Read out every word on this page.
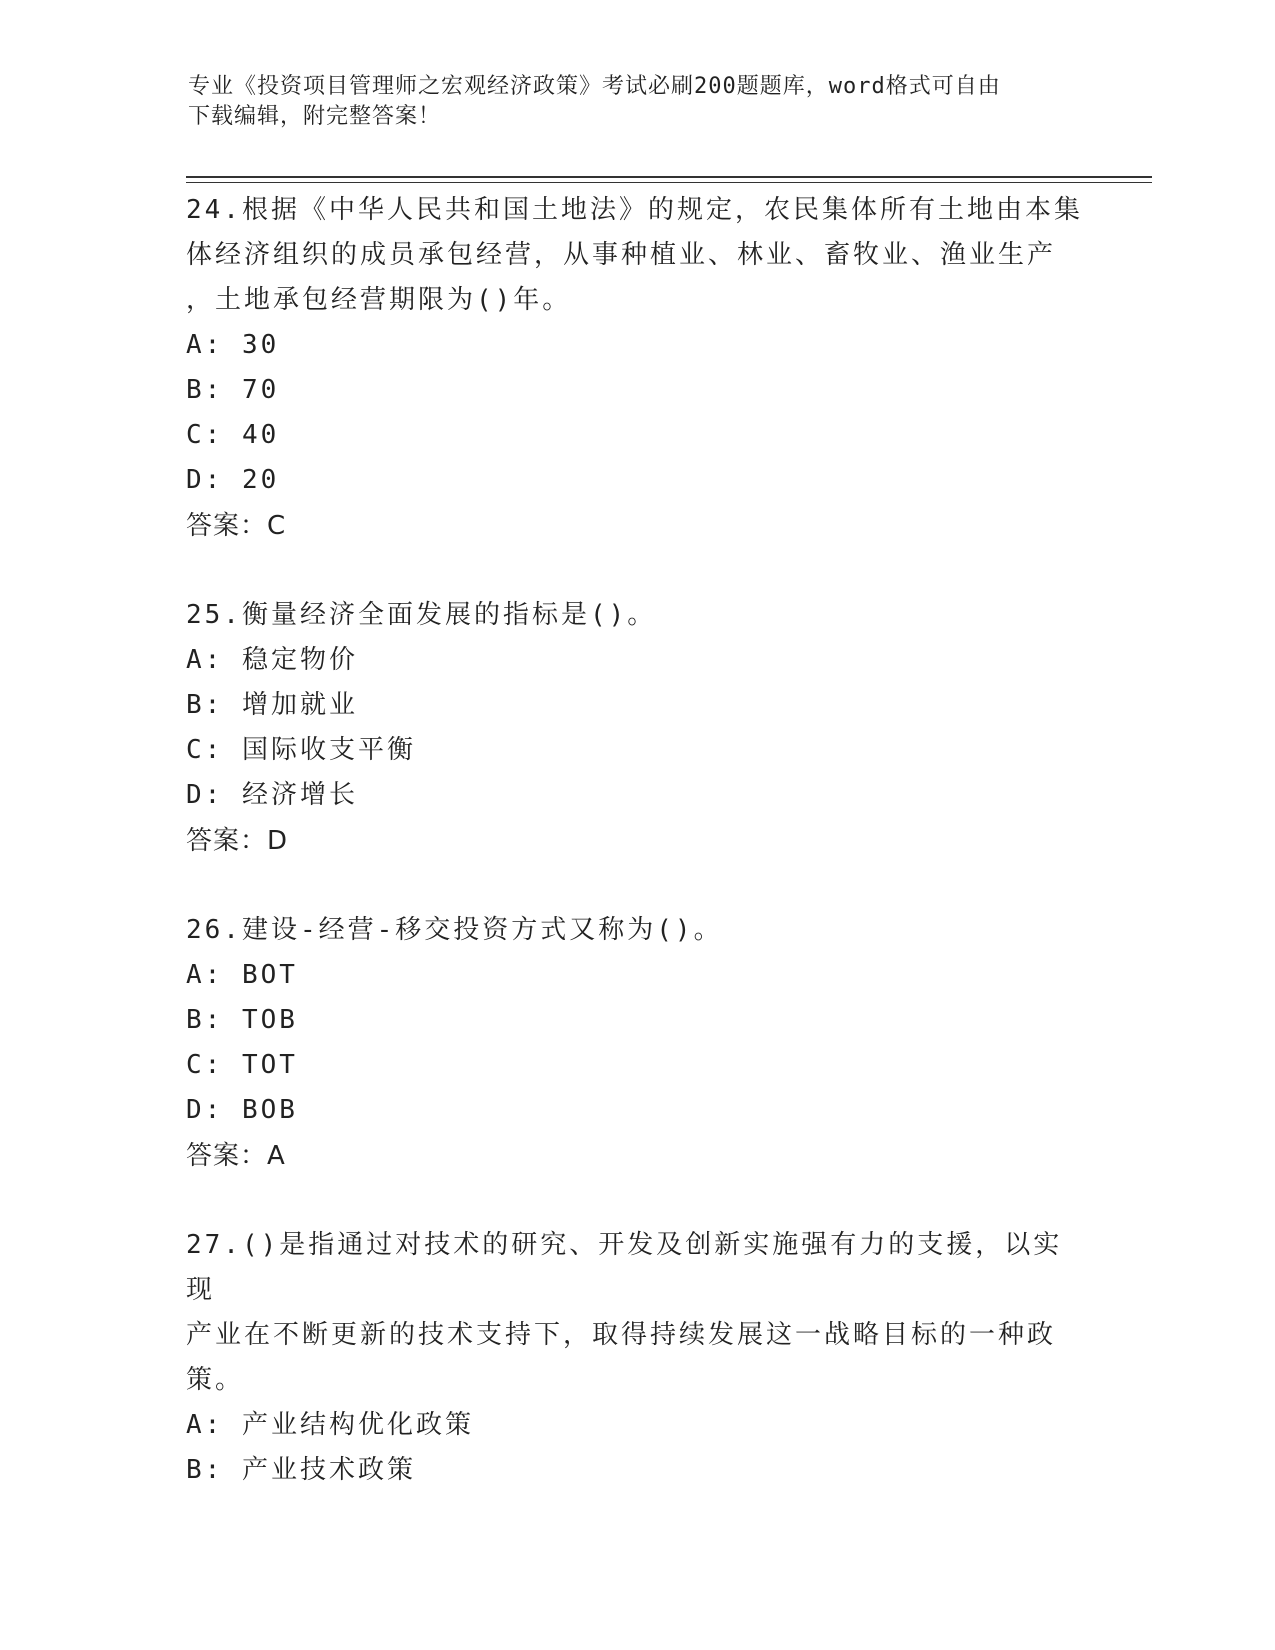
专业《投资项目管理师之宏观经济政策》考试必刷200题题库，word格式可自由
下载编辑，附完整答案！

24.根据《中华人民共和国土地法》的规定，农民集体所有土地由本集

体经济组织的成员承包经营，从事种植业、林业、畜牧业、渔业生产

，土地承包经营期限为()年。

A: 30

B: 70

C: 40

D: 20

答案：C

25.衡量经济全面发展的指标是()。

A: 稳定物价

B: 增加就业

C: 国际收支平衡

D: 经济增长

答案：D

26.建设-经营-移交投资方式又称为()。

A: BOT

B: TOB

C: TOT

D: BOB

答案：A

27.()是指通过对技术的研究、开发及创新实施强有力的支援，以实现

产业在不断更新的技术支持下，取得持续发展这一战略目标的一种政

策。

A: 产业结构优化政策

B: 产业技术政策
